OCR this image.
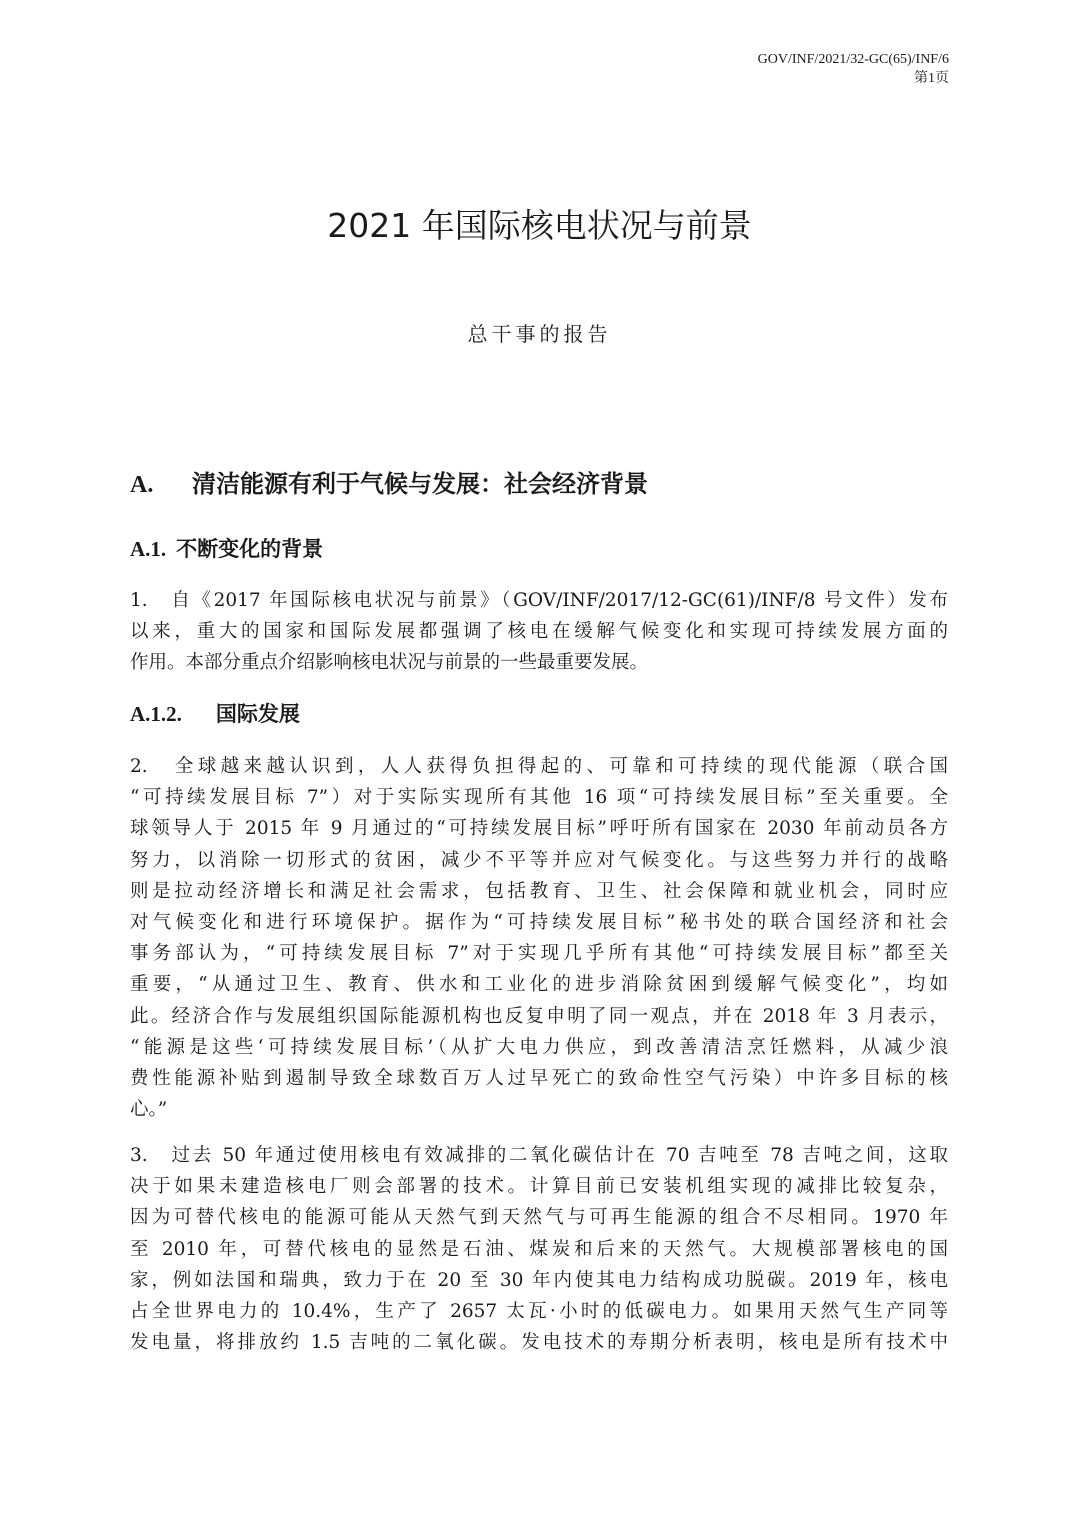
GOV/INF/2021/32-GC(65)/INF/6
第1页
2021 年国际核电状况与前景
总干事的报告
A. 清洁能源有利于气候与发展：社会经济背景
A.1. 不断变化的背景
1.　自《2017 年国际核电状况与前景》（GOV/INF/2017/12-GC(61)/INF/8 号文件）发布
以来，重大的国家和国际发展都强调了核电在缓解气候变化和实现可持续发展方面的
作用。本部分重点介绍影响核电状况与前景的一些最重要发展。
A.1.2. 国际发展
2.　全球越来越认识到，人人获得负担得起的、可靠和可持续的现代能源（联合国
“可持续发展目标 7”）对于实际实现所有其他 16 项“可持续发展目标”至关重要。全
球领导人于 2015 年 9 月通过的“可持续发展目标”呼吁所有国家在 2030 年前动员各方
努力，以消除一切形式的贫困，减少不平等并应对气候变化。与这些努力并行的战略
则是拉动经济增长和满足社会需求，包括教育、卫生、社会保障和就业机会，同时应
对气候变化和进行环境保护。据作为“可持续发展目标”秘书处的联合国经济和社会
事务部认为，“可持续发展目标 7”对于实现几乎所有其他“可持续发展目标”都至关
重要，“从通过卫生、教育、供水和工业化的进步消除贫困到缓解气候变化”，均如
此。经济合作与发展组织国际能源机构也反复申明了同一观点，并在 2018 年 3 月表示，
“能源是这些‘可持续发展目标’（从扩大电力供应，到改善清洁烹饪燃料，从减少浪
费性能源补贴到遏制导致全球数百万人过早死亡的致命性空气污染）中许多目标的核
心。”
3.　过去 50 年通过使用核电有效减排的二氧化碳估计在 70 吉吨至 78 吉吨之间，这取
决于如果未建造核电厂则会部署的技术。计算目前已安装机组实现的减排比较复杂，
因为可替代核电的能源可能从天然气到天然气与可再生能源的组合不尽相同。1970 年
至 2010 年，可替代核电的显然是石油、煤炭和后来的天然气。大规模部署核电的国
家，例如法国和瑞典，致力于在 20 至 30 年内使其电力结构成功脱碳。2019 年，核电
占全世界电力的 10.4%，生产了 2657 太瓦·小时的低碳电力。如果用天然气生产同等
发电量，将排放约 1.5 吉吨的二氧化碳。发电技术的寿期分析表明，核电是所有技术中
